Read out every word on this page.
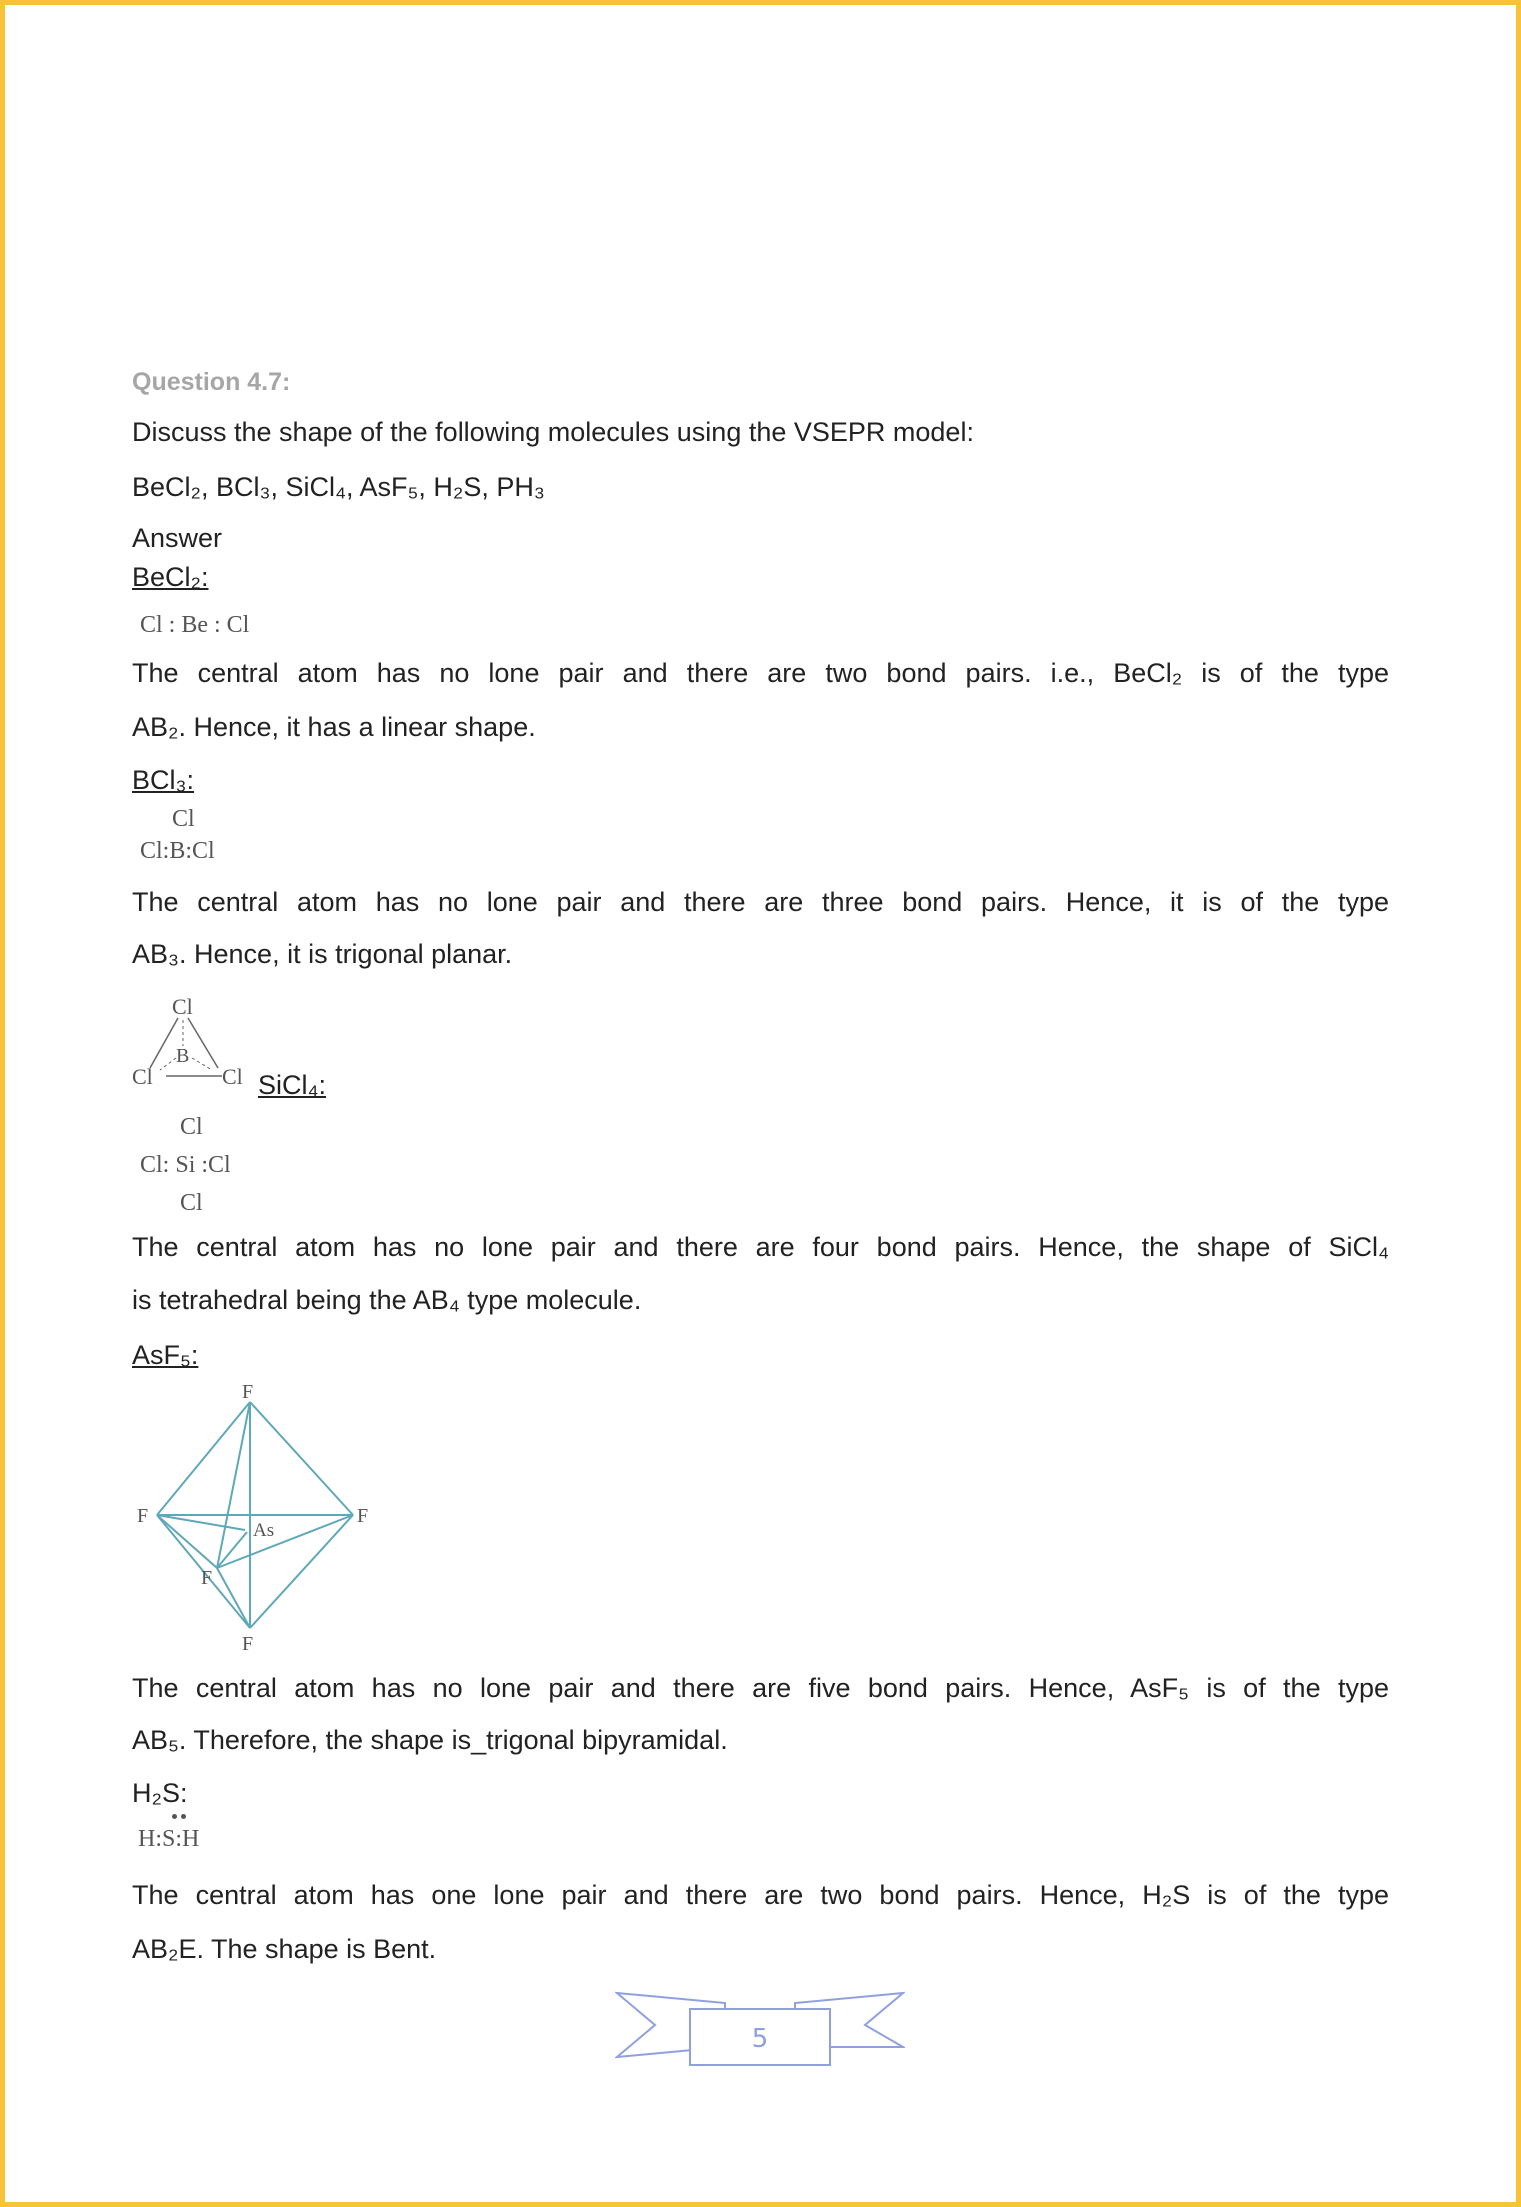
Question 4.7:
Discuss the shape of the following molecules using the VSEPR model:
BeCl₂, BCl₃, SiCl₄, AsF₅, H₂S, PH₃
Answer
BeCl₂:
Cl : Be : Cl
The central atom has no lone pair and there are two bond pairs. i.e., BeCl₂ is of the type
AB₂. Hence, it has a linear shape.
BCl₃:
Cl
Cl:B:Cl
The central atom has no lone pair and there are three bond pairs. Hence, it is of the type
AB₃. Hence, it is trigonal planar.
Cl
B
Cl	Cl SiCl₄:
Cl
Cl: Si :Cl
Cl
The central atom has no lone pair and there are four bond pairs. Hence, the shape of SiCl₄
is tetrahedral being the AB₄ type molecule.
AsF₅:
F
F	F
F
F
As
The central atom has no lone pair and there are five bond pairs. Hence, AsF₅ is of the type
AB₅. Therefore, the shape is_trigonal bipyramidal.
H₂S:
H:S:H
The central atom has one lone pair and there are two bond pairs. Hence, H₂S is of the type
AB₂E. The shape is Bent.
5
